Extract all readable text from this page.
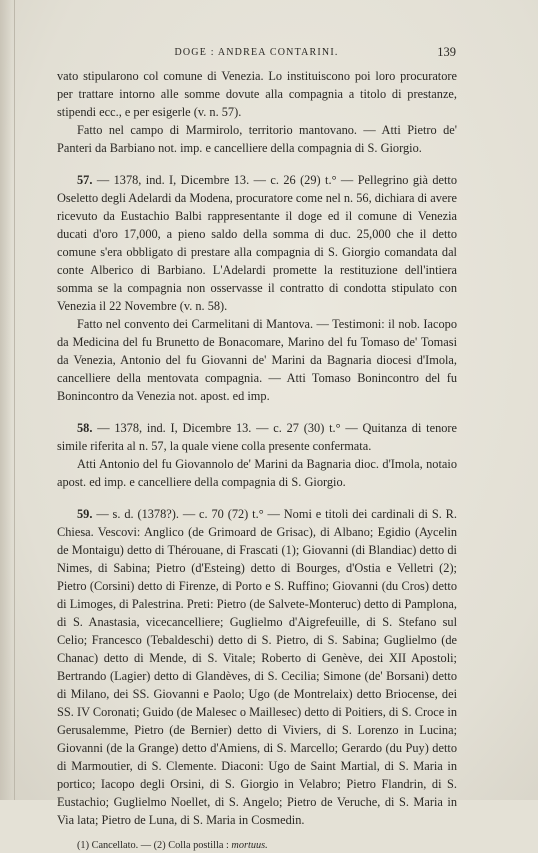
DOGE : ANDREA CONTARINI.	139

vato stipularono col comune di Venezia. Lo instituiscono poi loro procuratore per trattare intorno alle somme dovute alla compagnia a titolo di prestanze, stipendi ecc., e per esigerle (v. n. 57).

Fatto nel campo di Marmirolo, territorio mantovano. — Atti Pietro de' Panteri da Barbiano not. imp. e cancelliere della compagnia di S. Giorgio.

57. — 1378, ind. I, Dicembre 13. — c. 26 (29) t.° — Pellegrino già detto Oseletto degli Adelardi da Modena, procuratore come nel n. 56, dichiara di avere ricevuto da Eustachio Balbi rappresentante il doge ed il comune di Venezia ducati d'oro 17,000, a pieno saldo della somma di duc. 25,000 che il detto comune s'era obbligato di prestare alla compagnia di S. Giorgio comandata dal conte Alberico di Barbiano. L'Adelardi promette la restituzione dell'intiera somma se la compagnia non osservasse il contratto di condotta stipulato con Venezia il 22 Novembre (v. n. 58).

Fatto nel convento dei Carmelitani di Mantova. — Testimoni: il nob. Iacopo da Medicina del fu Brunetto de Bonacomare, Marino del fu Tomaso de' Tomasi da Venezia, Antonio del fu Giovanni de' Marini da Bagnaria diocesi d'Imola, cancelliere della mentovata compagnia. — Atti Tomaso Bonincontro del fu Bonincontro da Venezia not. apost. ed imp.

58. — 1378, ind. I, Dicembre 13. — c. 27 (30) t.° — Quitanza di tenore simile riferita al n. 57, la quale viene colla presente confermata.

Atti Antonio del fu Giovannolo de' Marini da Bagnaria dioc. d'Imola, notaio apost. ed imp. e cancelliere della compagnia di S. Giorgio.

59. — s. d. (1378?). — c. 70 (72) t.° — Nomi e titoli dei cardinali di S. R. Chiesa. Vescovi: Anglico (de Grimoard de Grisac), di Albano; Egidio (Aycelin de Montaigu) detto di Thérouane, di Frascati (1); Giovanni (di Blandiac) detto di Nimes, di Sabina; Pietro (d'Esteing) detto di Bourges, d'Ostia e Velletri (2); Pietro (Corsini) detto di Firenze, di Porto e S. Ruffino; Giovanni (du Cros) detto di Limoges, di Palestrina. Preti: Pietro (de Salvete-Monteruc) detto di Pamplona, di S. Anastasia, vicecancelliere; Guglielmo d'Aigrefeuille, di S. Stefano sul Celio; Francesco (Tebaldeschi) detto di S. Pietro, di S. Sabina; Guglielmo (de Chanac) detto di Mende, di S. Vitale; Roberto di Genève, dei XII Apostoli; Bertrando (Lagier) detto di Glandèves, di S. Cecilia; Simone (de' Borsani) detto di Milano, dei SS. Giovanni e Paolo; Ugo (de Montrelaix) detto Briocense, dei SS. IV Coronati; Guido (de Malesec o Maillesec) detto di Poitiers, di S. Croce in Gerusalemme, Pietro (de Bernier) detto di Viviers, di S. Lorenzo in Lucina; Giovanni (de la Grange) detto d'Amiens, di S. Marcello; Gerardo (du Puy) detto di Marmoutier, di S. Clemente. Diaconi: Ugo de Saint Martial, di S. Maria in portico; Iacopo degli Orsini, di S. Giorgio in Velabro; Pietro Flandrin, di S. Eustachio; Guglielmo Noellet, di S. Angelo; Pietro de Veruche, di S. Maria in Via lata; Pietro de Luna, di S. Maria in Cosmedin.

(1) Cancellato. — (2) Colla postilla : mortuus.
